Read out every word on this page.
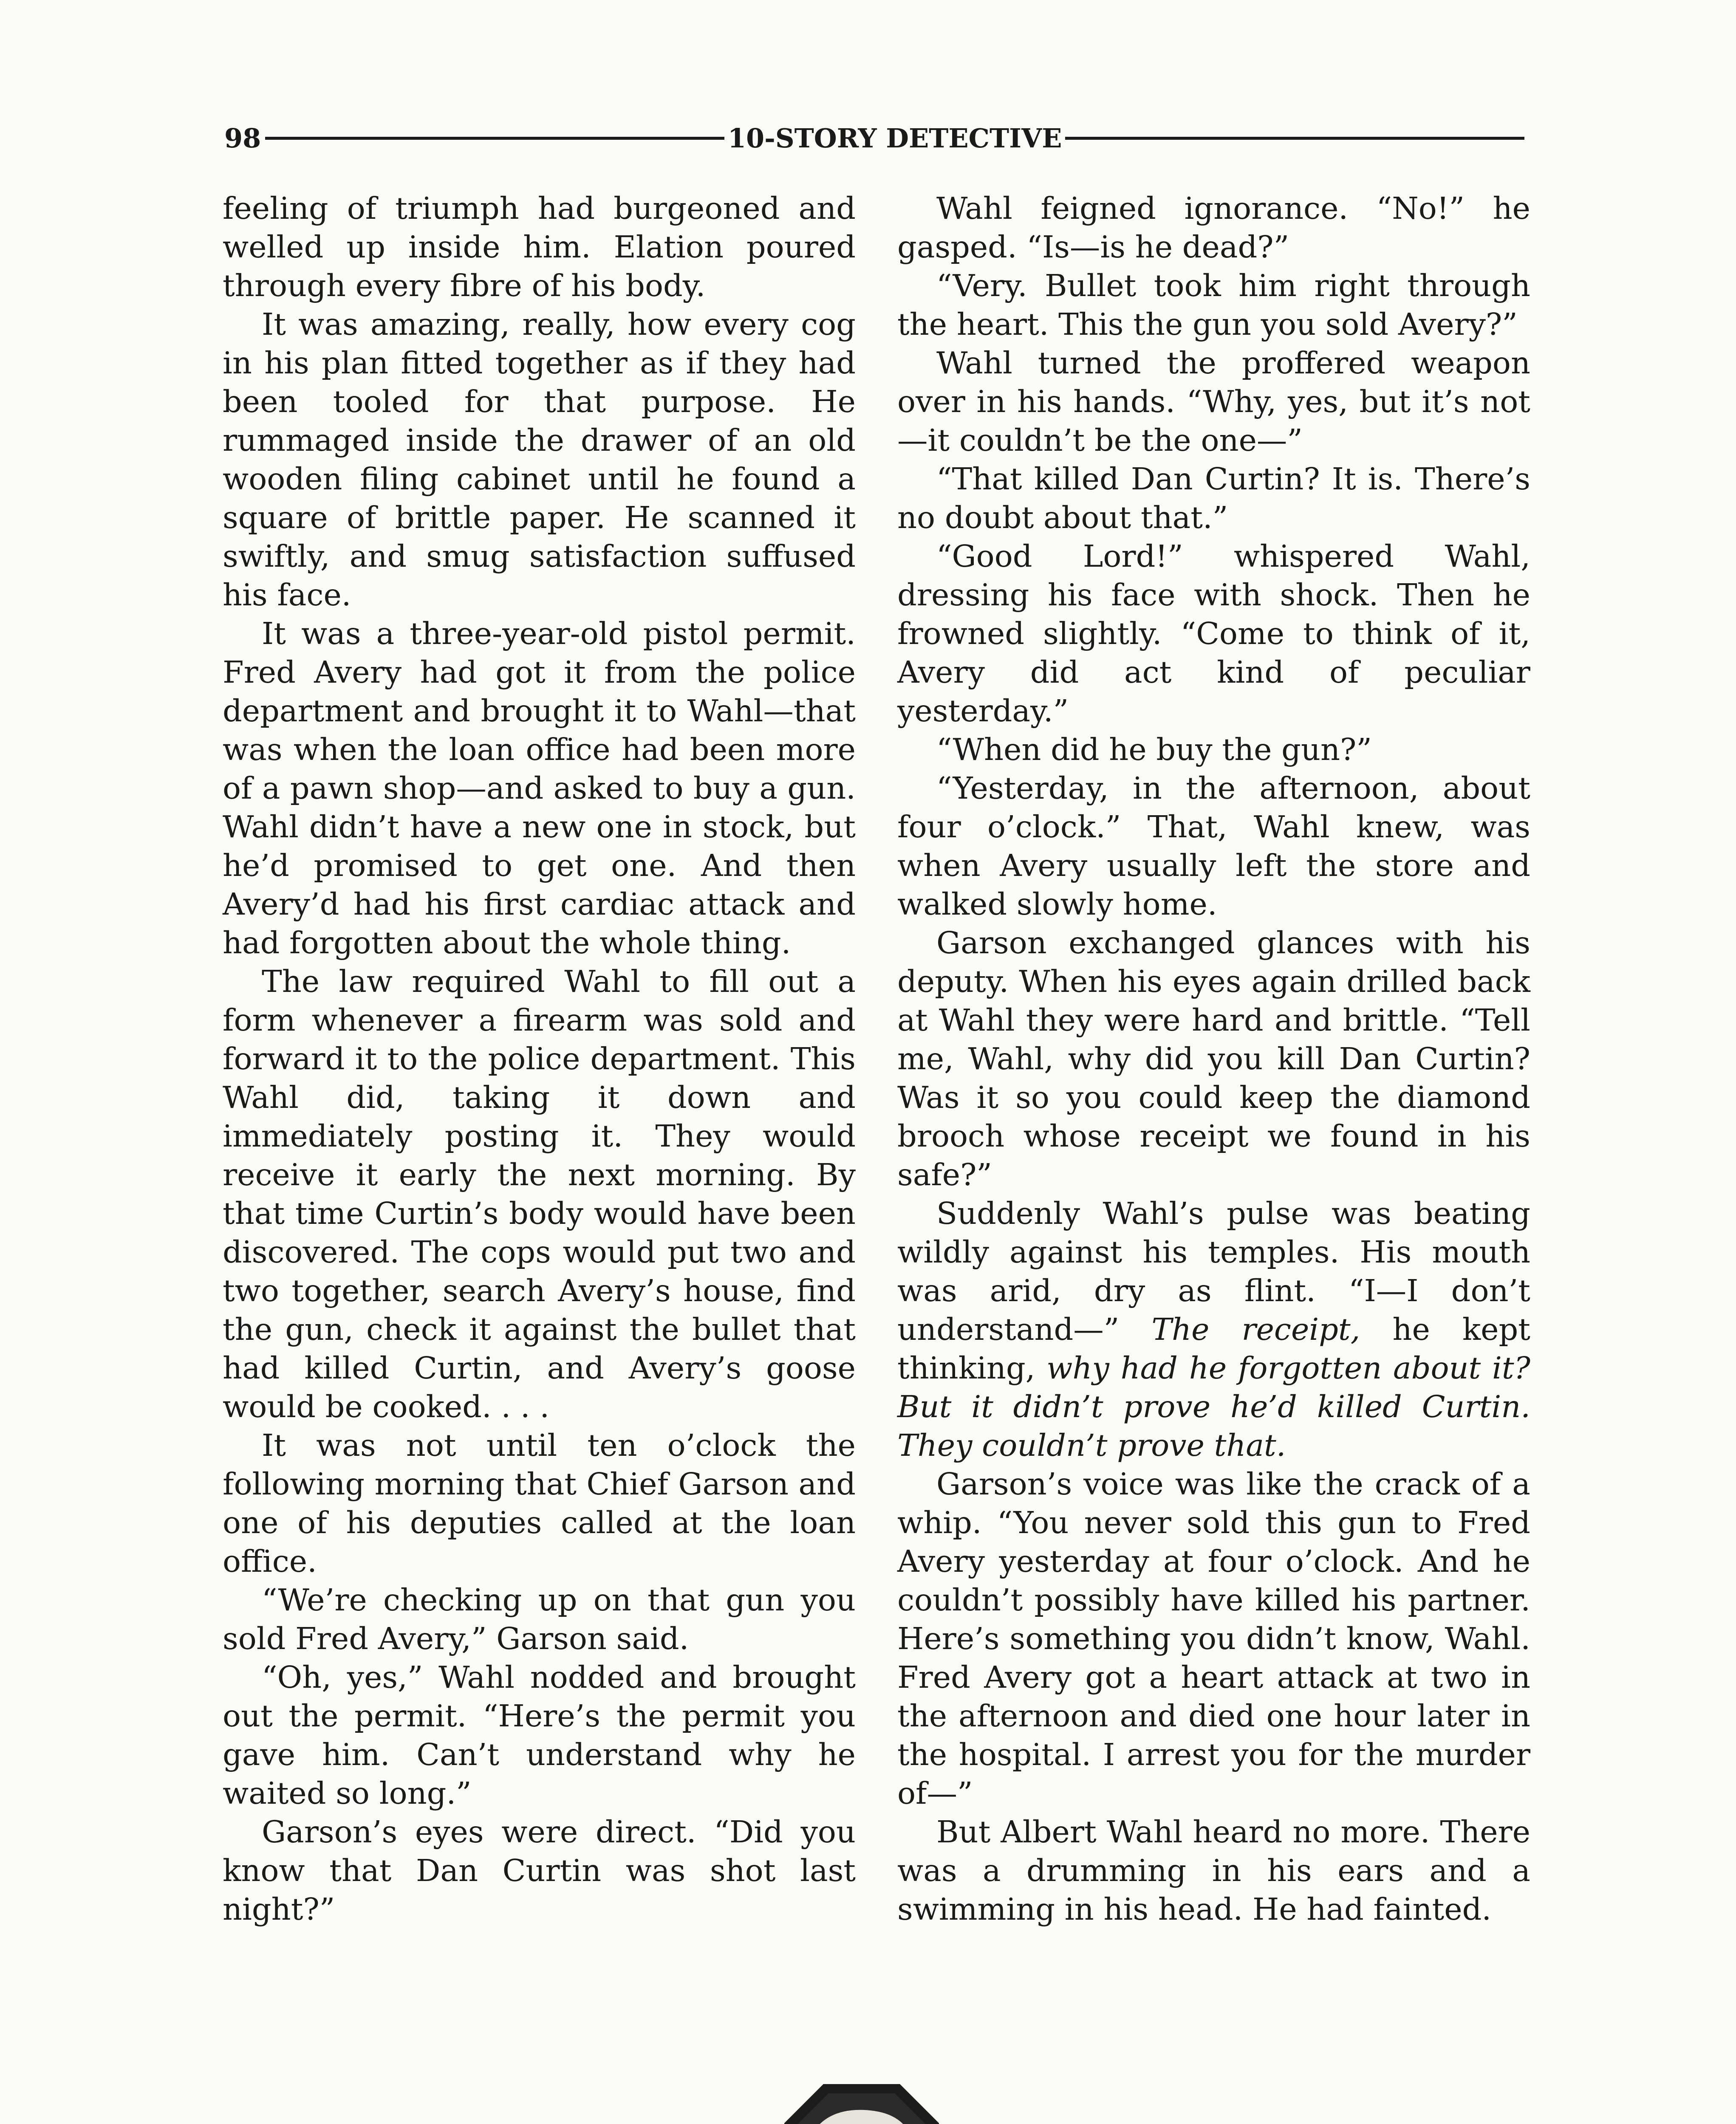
98	10-STORY DETECTIVE

feeling of triumph had burgeoned and welled up inside him. Elation poured through every fibre of his body.

It was amazing, really, how every cog in his plan fitted together as if they had been tooled for that purpose. He rummaged inside the drawer of an old wooden filing cabinet until he found a square of brittle paper. He scanned it swiftly, and smug satisfaction suffused his face.

It was a three-year-old pistol permit. Fred Avery had got it from the police department and brought it to Wahl—that was when the loan office had been more of a pawn shop—and asked to buy a gun. Wahl didn’t have a new one in stock, but he’d promised to get one. And then Avery’d had his first cardiac attack and had forgotten about the whole thing.

The law required Wahl to fill out a form whenever a firearm was sold and forward it to the police department. This Wahl did, taking it down and immediately posting it. They would receive it early the next morning. By that time Curtin’s body would have been discovered. The cops would put two and two together, search Avery’s house, find the gun, check it against the bullet that had killed Curtin, and Avery’s goose would be cooked. . . .

It was not until ten o’clock the following morning that Chief Garson and one of his deputies called at the loan office.

“We’re checking up on that gun you sold Fred Avery,” Garson said.

“Oh, yes,” Wahl nodded and brought out the permit. “Here’s the permit you gave him. Can’t understand why he waited so long.”

Garson’s eyes were direct. “Did you know that Dan Curtin was shot last night?”

Wahl feigned ignorance. “No!” he gasped. “Is—is he dead?”

“Very. Bullet took him right through the heart. This the gun you sold Avery?”

Wahl turned the proffered weapon over in his hands. “Why, yes, but it’s not—it couldn’t be the one—”

“That killed Dan Curtin? It is. There’s no doubt about that.”

“Good Lord!” whispered Wahl, dressing his face with shock. Then he frowned slightly. “Come to think of it, Avery did act kind of peculiar yesterday.”

“When did he buy the gun?”

“Yesterday, in the afternoon, about four o’clock.” That, Wahl knew, was when Avery usually left the store and walked slowly home.

Garson exchanged glances with his deputy. When his eyes again drilled back at Wahl they were hard and brittle. “Tell me, Wahl, why did you kill Dan Curtin? Was it so you could keep the diamond brooch whose receipt we found in his safe?”

Suddenly Wahl’s pulse was beating wildly against his temples. His mouth was arid, dry as flint. “I—I don’t understand—” The receipt, he kept thinking, why had he forgotten about it? But it didn’t prove he’d killed Curtin. They couldn’t prove that.

Garson’s voice was like the crack of a whip. “You never sold this gun to Fred Avery yesterday at four o’clock. And he couldn’t possibly have killed his partner. Here’s something you didn’t know, Wahl. Fred Avery got a heart attack at two in the afternoon and died one hour later in the hospital. I arrest you for the murder of—”

But Albert Wahl heard no more. There was a drumming in his ears and a swimming in his head. He had fainted.
